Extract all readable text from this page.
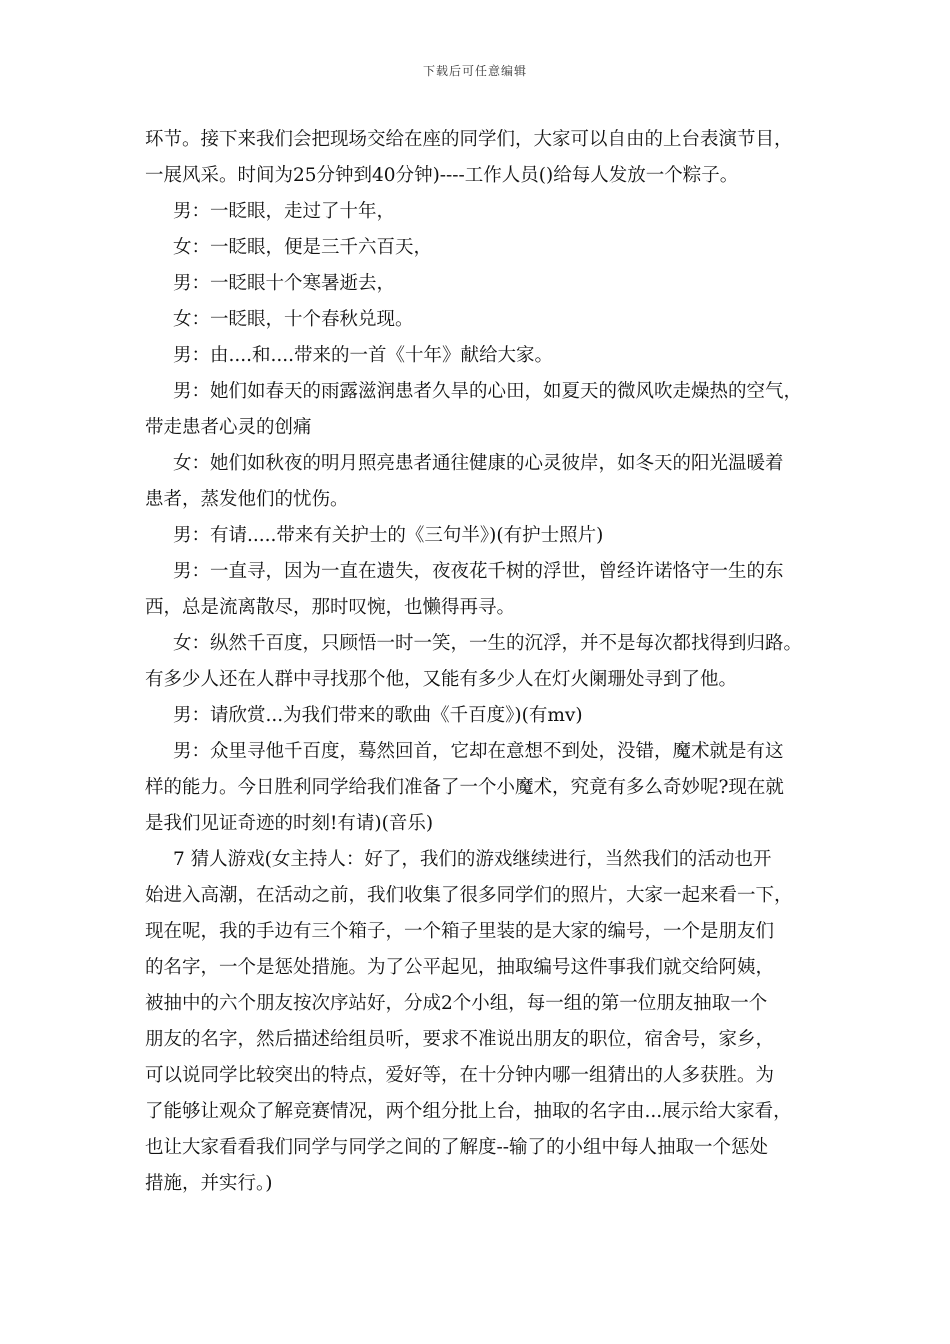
下载后可任意编辑

环节。接下来我们会把现场交给在座的同学们，大家可以自由的上台表演节目，

一展风采。时间为25分钟到40分钟)----工作人员()给每人发放一个粽子。

男：一眨眼，走过了十年，

女：一眨眼，便是三千六百天，

男：一眨眼十个寒暑逝去，

女：一眨眼，十个春秋兑现。

男：由....和....带来的一首《十年》献给大家。

男：她们如春天的雨露滋润患者久旱的心田，如夏天的微风吹走燥热的空气，

带走患者心灵的创痛

女：她们如秋夜的明月照亮患者通往健康的心灵彼岸，如冬天的阳光温暖着

患者，蒸发他们的忧伤。

男：有请.....带来有关护士的《三句半》)(有护士照片)

男：一直寻，因为一直在遗失，夜夜花千树的浮世，曾经许诺恪守一生的东

西，总是流离散尽，那时叹惋，也懒得再寻。

女：纵然千百度，只顾悟一时一笑，一生的沉浮，并不是每次都找得到归路。

有多少人还在人群中寻找那个他，又能有多少人在灯火阑珊处寻到了他。

男：请欣赏...为我们带来的歌曲《千百度》)(有mv)

男：众里寻他千百度，蓦然回首，它却在意想不到处，没错，魔术就是有这

样的能力。今日胜利同学给我们准备了一个小魔术，究竟有多么奇妙呢?现在就

是我们见证奇迹的时刻!有请)(音乐)

7 猜人游戏(女主持人：好了，我们的游戏继续进行，当然我们的活动也开

始进入高潮，在活动之前，我们收集了很多同学们的照片，大家一起来看一下，

现在呢，我的手边有三个箱子，一个箱子里装的是大家的编号，一个是朋友们

的名字，一个是惩处措施。为了公平起见，抽取编号这件事我们就交给阿姨，

被抽中的六个朋友按次序站好，分成2个小组，每一组的第一位朋友抽取一个

朋友的名字，然后描述给组员听，要求不准说出朋友的职位，宿舍号，家乡，

可以说同学比较突出的特点，爱好等，在十分钟内哪一组猜出的人多获胜。为

了能够让观众了解竞赛情况，两个组分批上台，抽取的名字由...展示给大家看，

也让大家看看我们同学与同学之间的了解度--输了的小组中每人抽取一个惩处

措施，并实行。)
